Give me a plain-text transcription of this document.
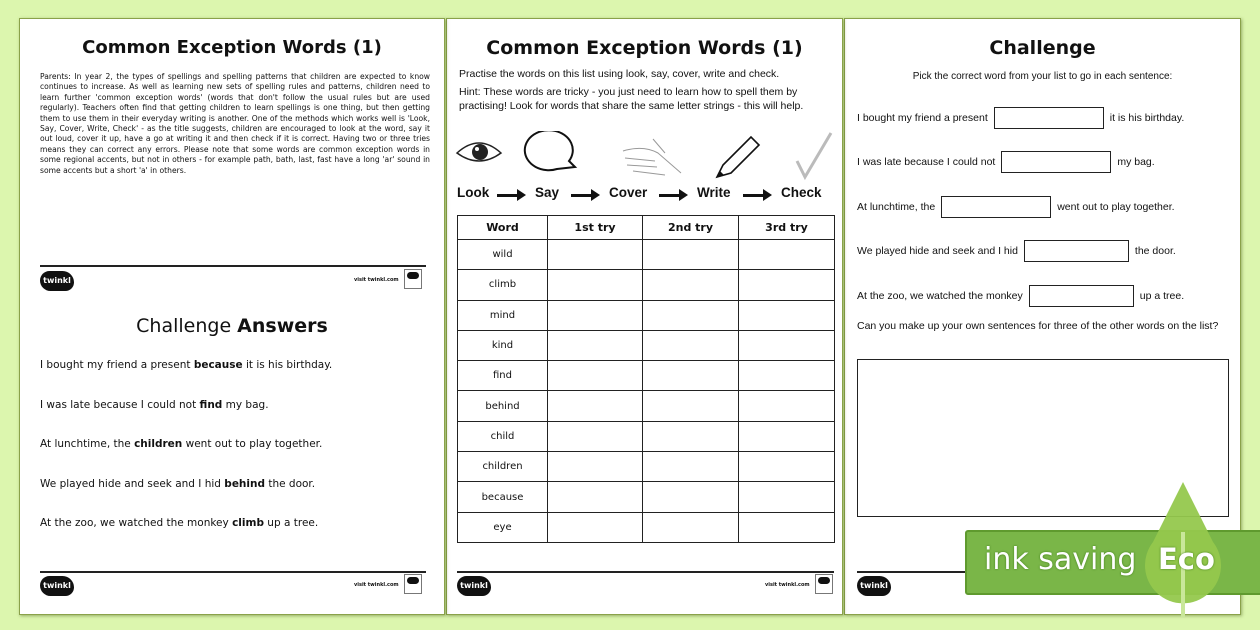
Challenge
Pick the correct word from your list to go in each sentence:
I bought my friend a present	it is his birthday.
I was late because I could not	my bag.
At lunchtime, the	went out to play together.
We played hide and seek and I hid	the door.
At the zoo, we watched the monkey	up a tree.
Can you make up your own sentences for three of the other words on the list?
twinkl
Common Exception Words (1)
Practise the words on this list using look, say, cover, write and check.
Hint: These words are tricky - you just need to learn how to spell them by practising! Look for words that share the same letter strings - this will help.
Look	Say	Cover	Write	Check
Word	1st try	2nd try	3rd try
wild			
climb			
mind			
kind			
find			
behind			
child			
children			
because			
eye			
twinkl	visit twinkl.com
Common Exception Words (1)
Parents: In year 2, the types of spellings and spelling patterns that children are expected to know continues to increase. As well as learning new sets of spelling rules and patterns, children need to learn further 'common exception words' (words that don't follow the usual rules but are used regularly). Teachers often find that getting children to learn spellings is one thing, but then getting them to use them in their everyday writing is another. One of the methods which works well is 'Look, Say, Cover, Write, Check' - as the title suggests, children are encouraged to look at the word, say it out loud, cover it up, have a go at writing it and then check if it is correct. Having two or three tries means they can correct any errors. Please note that some words are common exception words in some regional accents, but not in others - for example path, bath, last, fast have a long 'ar' sound in some accents but a short 'a' in others.
twinkl	visit twinkl.com
Challenge Answers
I bought my friend a present because it is his birthday.
I was late because I could not find my bag.
At lunchtime, the children went out to play together.
We played hide and seek and I hid behind the door.
At the zoo, we watched the monkey climb up a tree.
twinkl	visit twinkl.com
ink saving Eco
